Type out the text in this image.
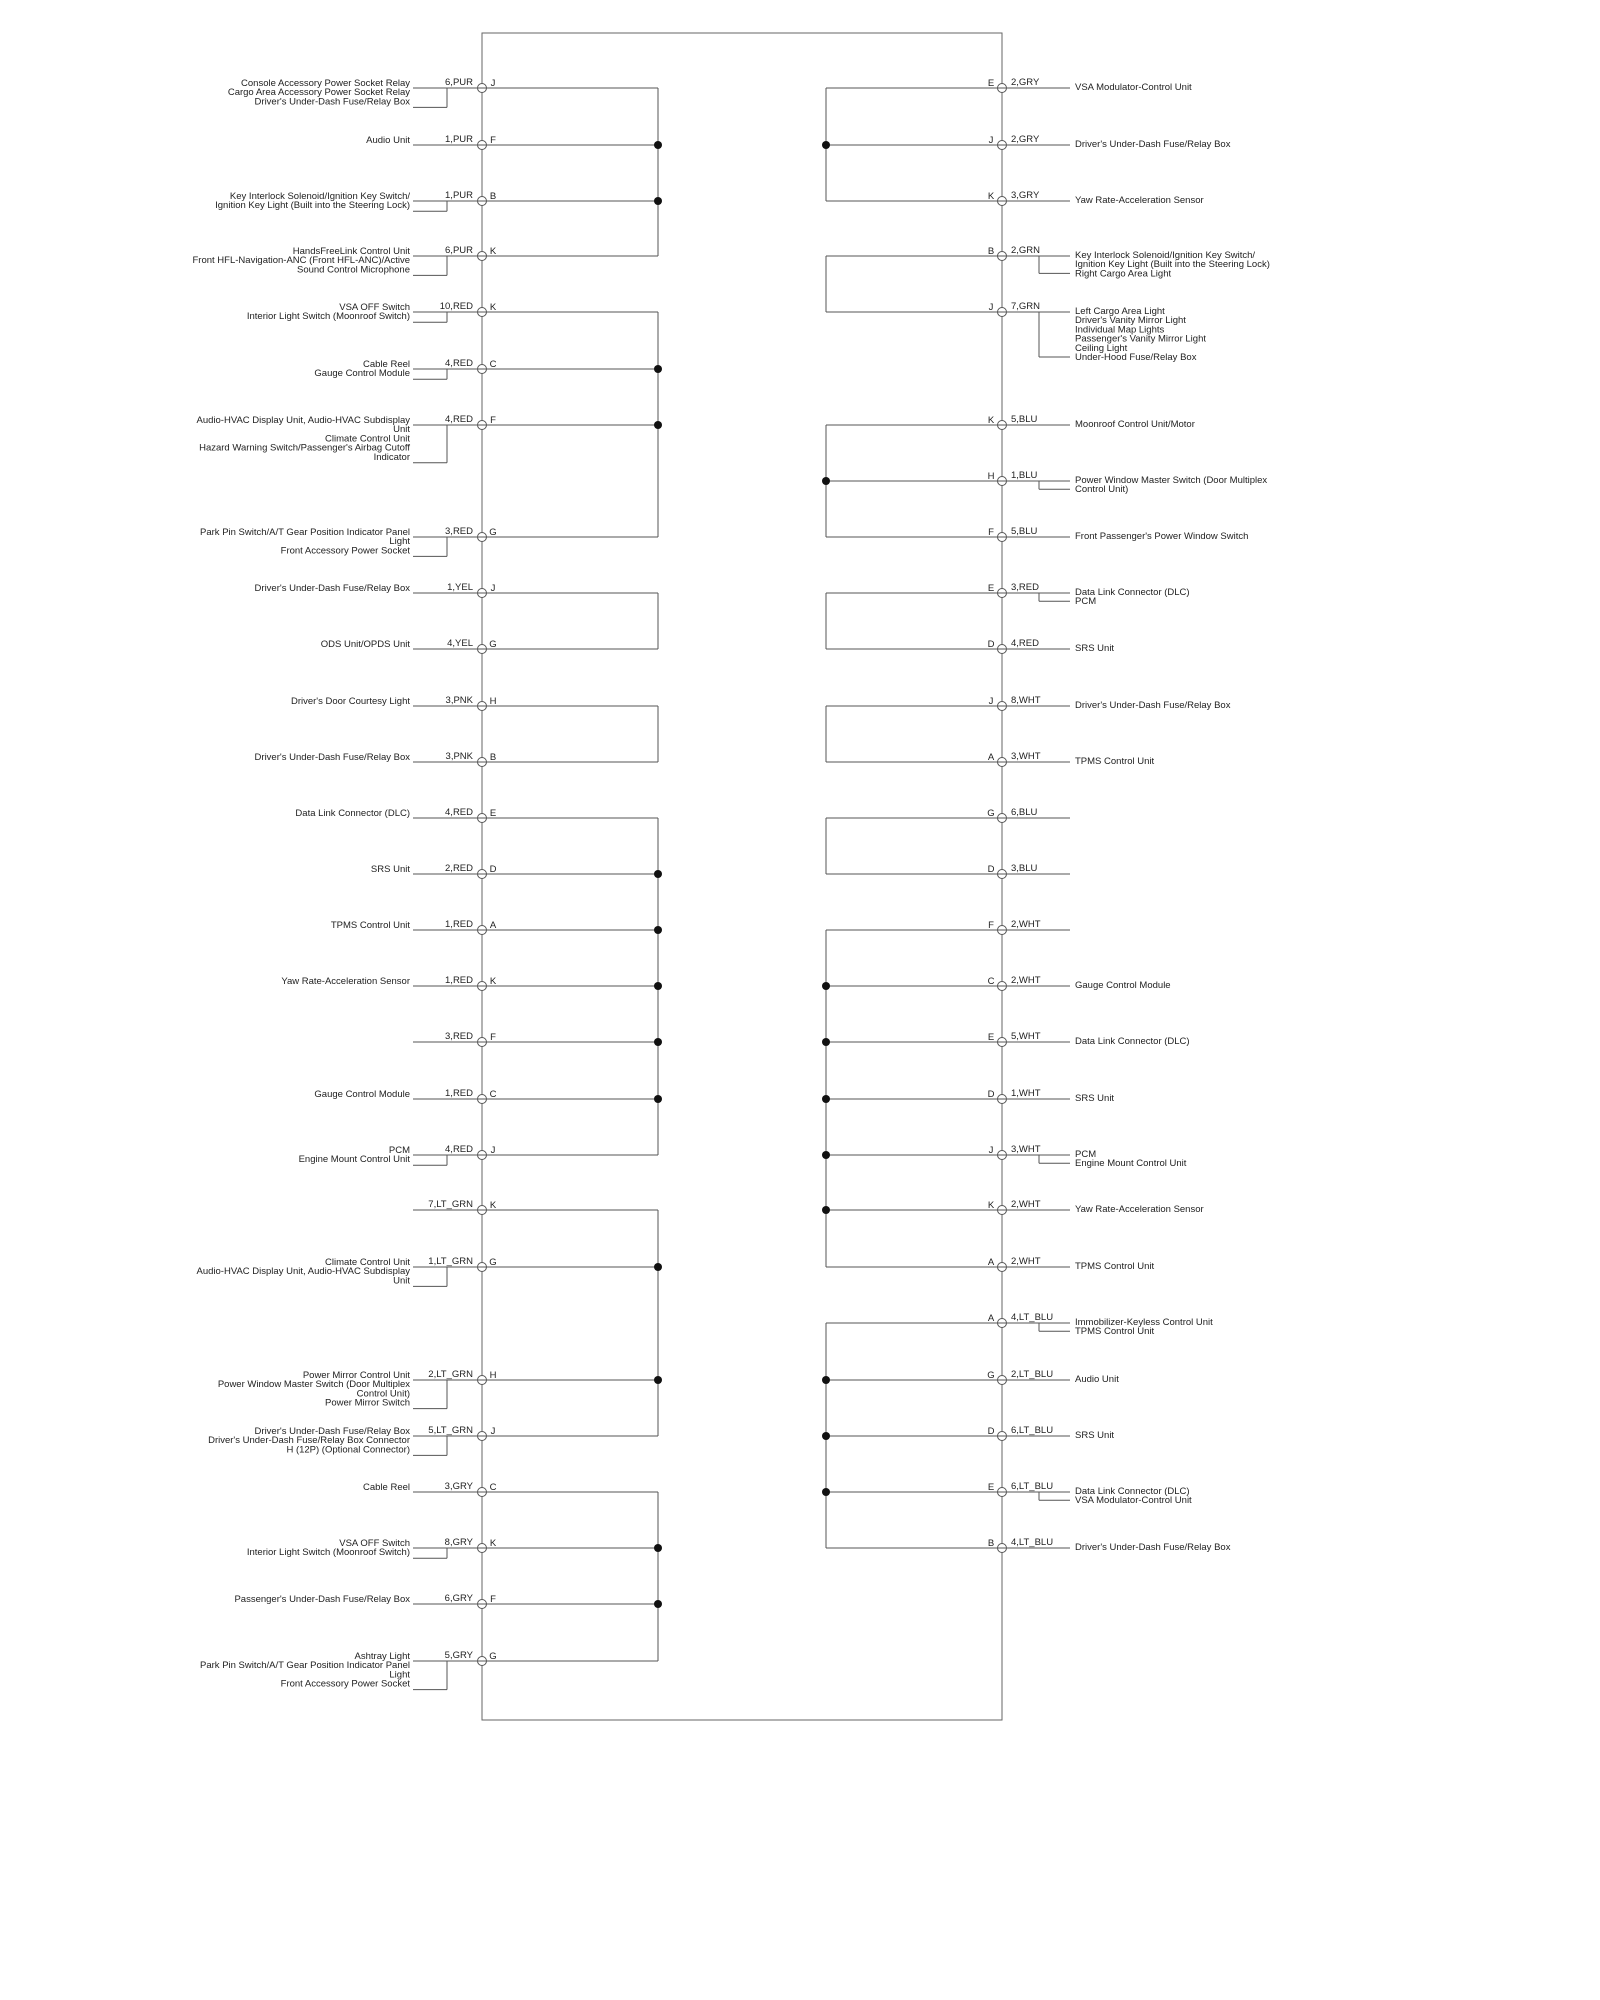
6,PUR J
Console Accessory Power Socket Relay
Cargo Area Accessory Power Socket Relay
Driver's Under-Dash Fuse/Relay Box
1,PUR F
Audio Unit
1,PUR B
Key Interlock Solenoid/Ignition Key Switch/
Ignition Key Light (Built into the Steering Lock)
6,PUR K
HandsFreeLink Control Unit
Front HFL-Navigation-ANC (Front HFL-ANC)/Active
Sound Control Microphone
10,RED K
VSA OFF Switch
Interior Light Switch (Moonroof Switch)
4,RED C
Cable Reel
Gauge Control Module
4,RED F
Audio-HVAC Display Unit, Audio-HVAC Subdisplay
Unit
Climate Control Unit
Hazard Warning Switch/Passenger's Airbag Cutoff
Indicator
3,RED G
Park Pin Switch/A/T Gear Position Indicator Panel
Light
Front Accessory Power Socket
1,YEL J
Driver's Under-Dash Fuse/Relay Box
4,YEL G
ODS Unit/OPDS Unit
3,PNK H
Driver's Door Courtesy Light
3,PNK B
Driver's Under-Dash Fuse/Relay Box
4,RED E
Data Link Connector (DLC)
2,RED D
SRS Unit
1,RED A
TPMS Control Unit
1,RED K
Yaw Rate-Acceleration Sensor
3,RED F
1,RED C
Gauge Control Module
4,RED J
PCM
Engine Mount Control Unit
7,LT_GRN K
1,LT_GRN G
Climate Control Unit
Audio-HVAC Display Unit, Audio-HVAC Subdisplay
Unit
2,LT_GRN H
Power Mirror Control Unit
Power Window Master Switch (Door Multiplex
Control Unit)
Power Mirror Switch
5,LT_GRN J
Driver's Under-Dash Fuse/Relay Box
Driver's Under-Dash Fuse/Relay Box Connector
H (12P) (Optional Connector)
3,GRY C
Cable Reel
8,GRY K
VSA OFF Switch
Interior Light Switch (Moonroof Switch)
6,GRY F
Passenger's Under-Dash Fuse/Relay Box
5,GRY G
Ashtray Light
Park Pin Switch/A/T Gear Position Indicator Panel
Light
Front Accessory Power Socket
2,GRY
E	VSA Modulator-Control Unit
2,GRY
J	Driver's Under-Dash Fuse/Relay Box
3,GRY
K	Yaw Rate-Acceleration Sensor
2,GRN
B	Key Interlock Solenoid/Ignition Key Switch/
Ignition Key Light (Built into the Steering Lock)
Right Cargo Area Light
7,GRN
J	Left Cargo Area Light
Driver's Vanity Mirror Light
Individual Map Lights
Passenger's Vanity Mirror Light
Ceiling Light
Under-Hood Fuse/Relay Box
5,BLU
K	Moonroof Control Unit/Motor
1,BLU
H	Power Window Master Switch (Door Multiplex
Control Unit)
5,BLU
F	Front Passenger's Power Window Switch
3,RED
E	Data Link Connector (DLC)
PCM
4,RED
D	SRS Unit
8,WHT
J	Driver's Under-Dash Fuse/Relay Box
3,WHT
A	TPMS Control Unit
6,BLU
G
3,BLU
D
2,WHT
F
2,WHT
C	Gauge Control Module
5,WHT
E	Data Link Connector (DLC)
1,WHT
D	SRS Unit
3,WHT
J	PCM
Engine Mount Control Unit
2,WHT
K	Yaw Rate-Acceleration Sensor
2,WHT
A	TPMS Control Unit
4,LT_BLU
A	Immobilizer-Keyless Control Unit
TPMS Control Unit
2,LT_BLU
G	Audio Unit
6,LT_BLU
D	SRS Unit
6,LT_BLU
E	Data Link Connector (DLC)
VSA Modulator-Control Unit
4,LT_BLU
B	Driver's Under-Dash Fuse/Relay Box
